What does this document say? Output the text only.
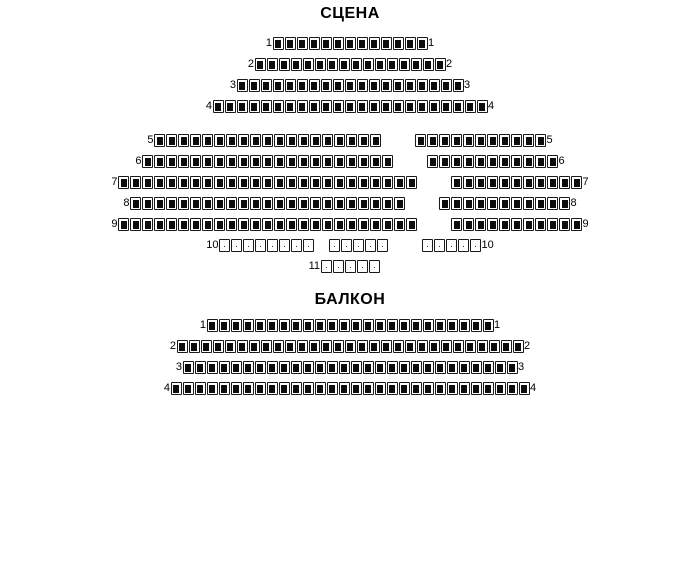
СЦЕНА
1	1
2	2
3	3
4	4
5	5
6	6
7	7
8	8
9	9
10	10
11
БАЛКОН
1	1
2	2
3	3
4	4
